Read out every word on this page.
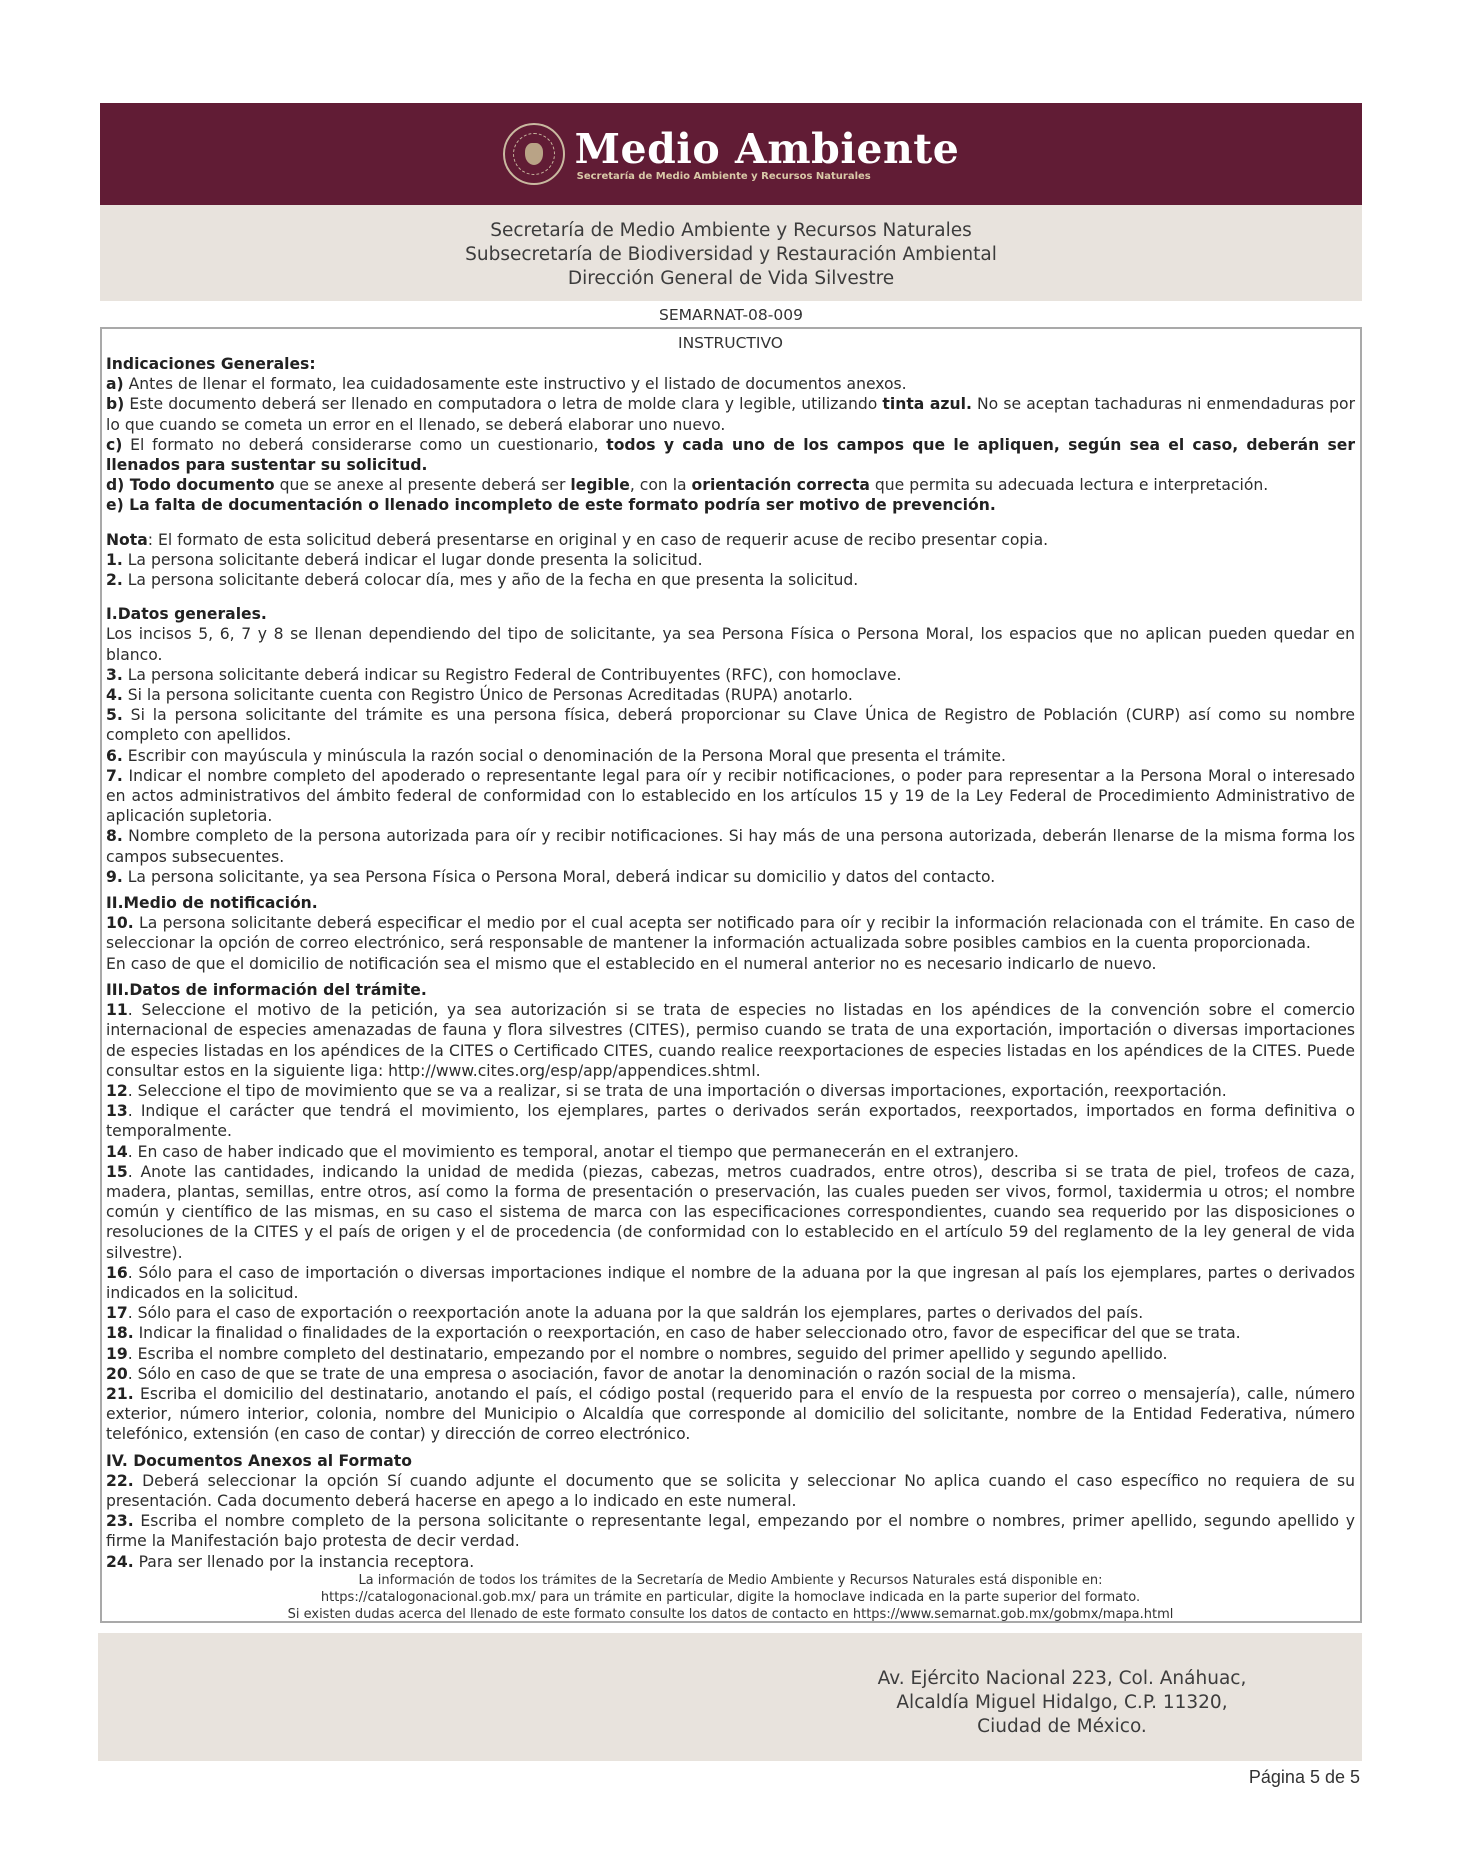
Medio Ambiente
Secretaría de Medio Ambiente y Recursos Naturales
Secretaría de Medio Ambiente y Recursos Naturales
Subsecretaría de Biodiversidad y Restauración Ambiental
Dirección General de Vida Silvestre
SEMARNAT-08-009
INSTRUCTIVO

Indicaciones Generales:

a) Antes de llenar el formato, lea cuidadosamente este instructivo y el listado de documentos anexos.

b) Este documento deberá ser llenado en computadora o letra de molde clara y legible, utilizando tinta azul. No se aceptan tachaduras ni enmendaduras por lo que cuando se cometa un error en el llenado, se deberá elaborar uno nuevo.

c) El formato no deberá considerarse como un cuestionario, todos y cada uno de los campos que le apliquen, según sea el caso, deberán ser llenados para sustentar su solicitud.

d) Todo documento que se anexe al presente deberá ser legible, con la orientación correcta que permita su adecuada lectura e interpretación.

e) La falta de documentación o llenado incompleto de este formato podría ser motivo de prevención.

Nota: El formato de esta solicitud deberá presentarse en original y en caso de requerir acuse de recibo presentar copia.

1. La persona solicitante deberá indicar el lugar donde presenta la solicitud.

2. La persona solicitante deberá colocar día, mes y año de la fecha en que presenta la solicitud.

I.Datos generales.

Los incisos 5, 6, 7 y 8 se llenan dependiendo del tipo de solicitante, ya sea Persona Física o Persona Moral, los espacios que no aplican pueden quedar en blanco.

3. La persona solicitante deberá indicar su Registro Federal de Contribuyentes (RFC), con homoclave.

4. Si la persona solicitante cuenta con Registro Único de Personas Acreditadas (RUPA) anotarlo.

5. Si la persona solicitante del trámite es una persona física, deberá proporcionar su Clave Única de Registro de Población (CURP) así como su nombre completo con apellidos.

6. Escribir con mayúscula y minúscula la razón social o denominación de la Persona Moral que presenta el trámite.

7. Indicar el nombre completo del apoderado o representante legal para oír y recibir notificaciones, o poder para representar a la Persona Moral o interesado en actos administrativos del ámbito federal de conformidad con lo establecido en los artículos 15 y 19 de la Ley Federal de Procedimiento Administrativo de aplicación supletoria.

8. Nombre completo de la persona autorizada para oír y recibir notificaciones. Si hay más de una persona autorizada, deberán llenarse de la misma forma los campos subsecuentes.

9. La persona solicitante, ya sea Persona Física o Persona Moral, deberá indicar su domicilio y datos del contacto.

II.Medio de notificación.

10. La persona solicitante deberá especificar el medio por el cual acepta ser notificado para oír y recibir la información relacionada con el trámite. En caso de seleccionar la opción de correo electrónico, será responsable de mantener la información actualizada sobre posibles cambios en la cuenta proporcionada.

En caso de que el domicilio de notificación sea el mismo que el establecido en el numeral anterior no es necesario indicarlo de nuevo.

III.Datos de información del trámite.

11. Seleccione el motivo de la petición, ya sea autorización si se trata de especies no listadas en los apéndices de la convención sobre el comercio internacional de especies amenazadas de fauna y flora silvestres (CITES), permiso cuando se trata de una exportación, importación o diversas importaciones de especies listadas en los apéndices de la CITES o Certificado CITES, cuando realice reexportaciones de especies listadas en los apéndices de la CITES. Puede consultar estos en la siguiente liga: http://www.cites.org/esp/app/appendices.shtml.

12. Seleccione el tipo de movimiento que se va a realizar, si se trata de una importación o diversas importaciones, exportación, reexportación.

13. Indique el carácter que tendrá el movimiento, los ejemplares, partes o derivados serán exportados, reexportados, importados en forma definitiva o temporalmente.

14. En caso de haber indicado que el movimiento es temporal, anotar el tiempo que permanecerán en el extranjero.

15. Anote las cantidades, indicando la unidad de medida (piezas, cabezas, metros cuadrados, entre otros), describa si se trata de piel, trofeos de caza, madera, plantas, semillas, entre otros, así como la forma de presentación o preservación, las cuales pueden ser vivos, formol, taxidermia u otros; el nombre común y científico de las mismas, en su caso el sistema de marca con las especificaciones correspondientes, cuando sea requerido por las disposiciones o resoluciones de la CITES y el país de origen y el de procedencia (de conformidad con lo establecido en el artículo 59 del reglamento de la ley general de vida silvestre).

16. Sólo para el caso de importación o diversas importaciones indique el nombre de la aduana por la que ingresan al país los ejemplares, partes o derivados indicados en la solicitud.

17. Sólo para el caso de exportación o reexportación anote la aduana por la que saldrán los ejemplares, partes o derivados del país.

18. Indicar la finalidad o finalidades de la exportación o reexportación, en caso de haber seleccionado otro, favor de especificar del que se trata.

19. Escriba el nombre completo del destinatario, empezando por el nombre o nombres, seguido del primer apellido y segundo apellido.

20. Sólo en caso de que se trate de una empresa o asociación, favor de anotar la denominación o razón social de la misma.

21. Escriba el domicilio del destinatario, anotando el país, el código postal (requerido para el envío de la respuesta por correo o mensajería), calle, número exterior, número interior, colonia, nombre del Municipio o Alcaldía que corresponde al domicilio del solicitante, nombre de la Entidad Federativa, número telefónico, extensión (en caso de contar) y dirección de correo electrónico.

IV. Documentos Anexos al Formato

22. Deberá seleccionar la opción Sí cuando adjunte el documento que se solicita y seleccionar No aplica cuando el caso específico no requiera de su presentación. Cada documento deberá hacerse en apego a lo indicado en este numeral.

23. Escriba el nombre completo de la persona solicitante o representante legal, empezando por el nombre o nombres, primer apellido, segundo apellido y firme la Manifestación bajo protesta de decir verdad.

24. Para ser llenado por la instancia receptora.

La información de todos los trámites de la Secretaría de Medio Ambiente y Recursos Naturales está disponible en:
https://catalogonacional.gob.mx/ para un trámite en particular, digite la homoclave indicada en la parte superior del formato.
Si existen dudas acerca del llenado de este formato consulte los datos de contacto en https://www.semarnat.gob.mx/gobmx/mapa.html
Av. Ejército Nacional 223, Col. Anáhuac,
Alcaldía Miguel Hidalgo, C.P. 11320,
Ciudad de México.
Página 5 de 5
